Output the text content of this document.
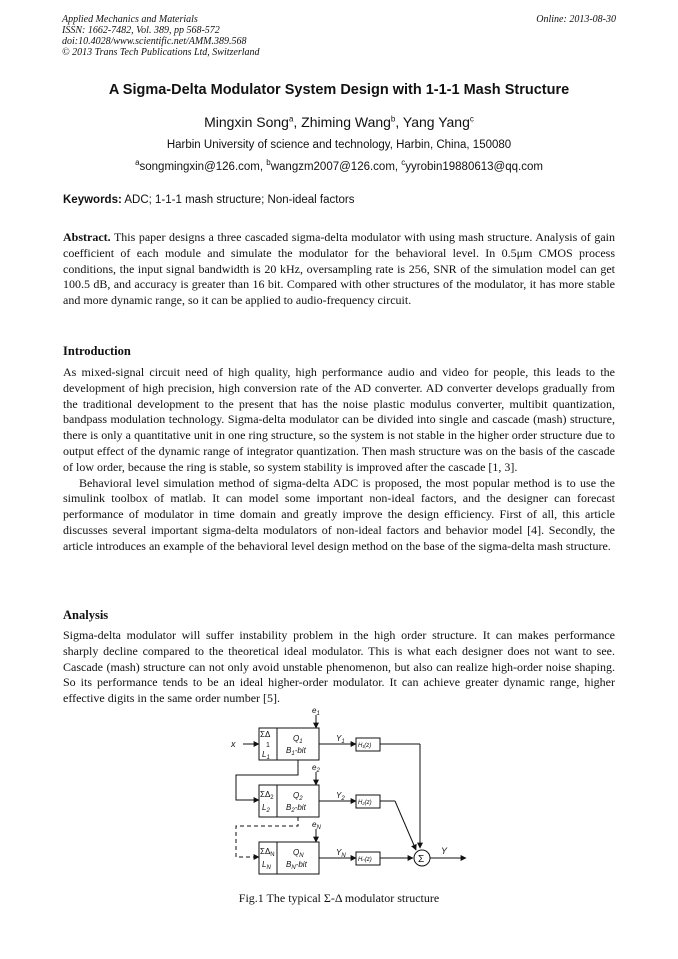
Applied Mechanics and Materials
ISSN: 1662-7482, Vol. 389, pp 568-572
doi:10.4028/www.scientific.net/AMM.389.568
© 2013 Trans Tech Publications Ltd, Switzerland
Online: 2013-08-30
A Sigma-Delta Modulator System Design with 1-1-1 Mash Structure
Mingxin Song$^a$, Zhiming Wang$^b$, Yang Yang$^c$
Harbin University of science and technology, Harbin, China, 150080
$^a$songmingxin@126.com, $^b$wangzm2007@126.com, $^c$yyrobin19880613@qq.com
Keywords: ADC; 1-1-1 mash structure; Non-ideal factors

Abstract. This paper designs a three cascaded sigma-delta modulator with using mash structure. Analysis of gain coefficient of each module and simulate the modulator for the behavioral level. In 0.5μm CMOS process conditions, the input signal bandwidth is 20 kHz, oversampling rate is 256, SNR of the simulation model can get 100.5 dB, and accuracy is greater than 16 bit. Compared with other structures of the modulator, it has more stable and more dynamic range, so it can be applied to audio-frequency circuit.

Introduction

As mixed-signal circuit need of high quality, high performance audio and video for people, this leads to the development of high precision, high conversion rate of the AD converter. AD converter develops gradually from the traditional development to the present that has the noise plastic modulus converter, multibit quantization, bandpass modulation technology. Sigma-delta modulator can be divided into single and cascade (mash) structure, there is only a quantitative unit in one ring structure, so the system is not stable in the higher order structure due to output effect of the dynamic range of integrator quantization. Then mash structure was on the basis of the cascade of low order, because the ring is stable, so system stability is improved after the cascade [1, 3].

Behavioral level simulation method of sigma-delta ADC is proposed, the most popular method is to use the simulink toolbox of matlab. It can model some important non-ideal factors, and the designer can forecast performance of modulator in time domain and greatly improve the design efficiency. First of all, this article discusses several important sigma-delta modulators of non-ideal factors and behavior model [4]. Secondly, the article introduces an example of the behavioral level design method on the base of the sigma-delta mash structure.

Analysis

Sigma-delta modulator will suffer instability problem in the high order structure. It can makes performance sharply decline compared to the theoretical ideal modulator. This is what each designer does not want to see. Cascade (mash) structure can not only avoid unstable phenomenon, but also can realize high-order noise shaping. So its performance tends to be an ideal higher-order modulator. It can achieve greater dynamic range, higher effective digits in the same order number [5].

x
ΣΔ
1
$L_1$
$Q_1$
$B_1$-bit
$e_1$
$Y_1$
H₁(z)
$\Sigma\Delta_2$
$L_2$
$Q_2$
$B_2$-bit
$e_2$
$Y_2$
H₂(z)
$\Sigma\Delta_N$
$L_N$
$Q_N$
$B_N$-bit
$e_N$
$Y_N$
Hₙ(z)	Σ
Y
Fig.1 The typical Σ-Δ modulator structure
